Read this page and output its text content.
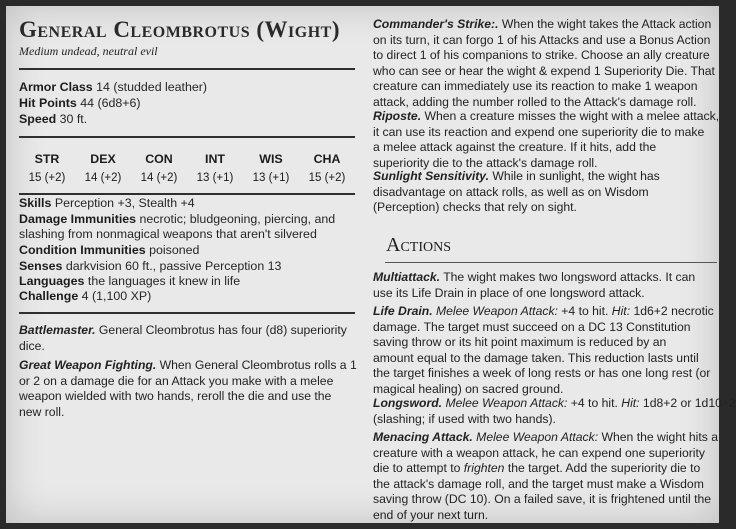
General Cleombrotus (Wight)
Medium undead, neutral evil
Armor Class 14 (studded leather)
Hit Points 44 (6d8+6)
Speed 30 ft.
STR
15 (+2)
DEX
14 (+2)
CON
14 (+2)
INT
13 (+1)
WIS
13 (+1)
CHA
15 (+2)
Skills Perception +3, Stealth +4
Damage Immunities necrotic; bludgeoning, piercing, and
slashing from nonmagical weapons that aren't silvered
Condition Immunities poisoned
Senses darkvision 60 ft., passive Perception 13
Languages the languages it knew in life
Challenge 4 (1,100 XP)
Battlemaster. General Cleombrotus has four (d8) superiority
dice.
Great Weapon Fighting. When General Cleombrotus rolls a 1
or 2 on a damage die for an Attack you make with a melee
weapon wielded with two hands, reroll the die and use the
new roll.
Commander's Strike:. When the wight takes the Attack action
on its turn, it can forgo 1 of his Attacks and use a Bonus Action
to direct 1 of his companions to strike. Choose an ally creature
who can see or hear the wight & expend 1 Superiority Die. That
creature can immediately use its reaction to make 1 weapon
attack, adding the number rolled to the Attack's damage roll.
Riposte. When a creature misses the wight with a melee attack,
it can use its reaction and expend one superiority die to make
a melee attack against the creature. If it hits, add the
superiority die to the attack's damage roll.
Sunlight Sensitivity. While in sunlight, the wight has
disadvantage on attack rolls, as well as on Wisdom
(Perception) checks that rely on sight.
Actions
Multiattack. The wight makes two longsword attacks. It can
use its Life Drain in place of one longsword attack.
Life Drain. Melee Weapon Attack: +4 to hit. Hit: 1d6+2 necrotic
damage. The target must succeed on a DC 13 Constitution
saving throw or its hit point maximum is reduced by an
amount equal to the damage taken. This reduction lasts until
the target finishes a week of long rests or has one long rest (or
magical healing) on sacred ground.
Longsword. Melee Weapon Attack: +4 to hit. Hit: 1d8+2 or 1d10+2
(slashing; if used with two hands).
Menacing Attack. Melee Weapon Attack: When the wight hits a
creature with a weapon attack, he can expend one superiority
die to attempt to frighten the target. Add the superiority die to
the attack's damage roll, and the target must make a Wisdom
saving throw (DC 10). On a failed save, it is frightened until the
end of your next turn.
